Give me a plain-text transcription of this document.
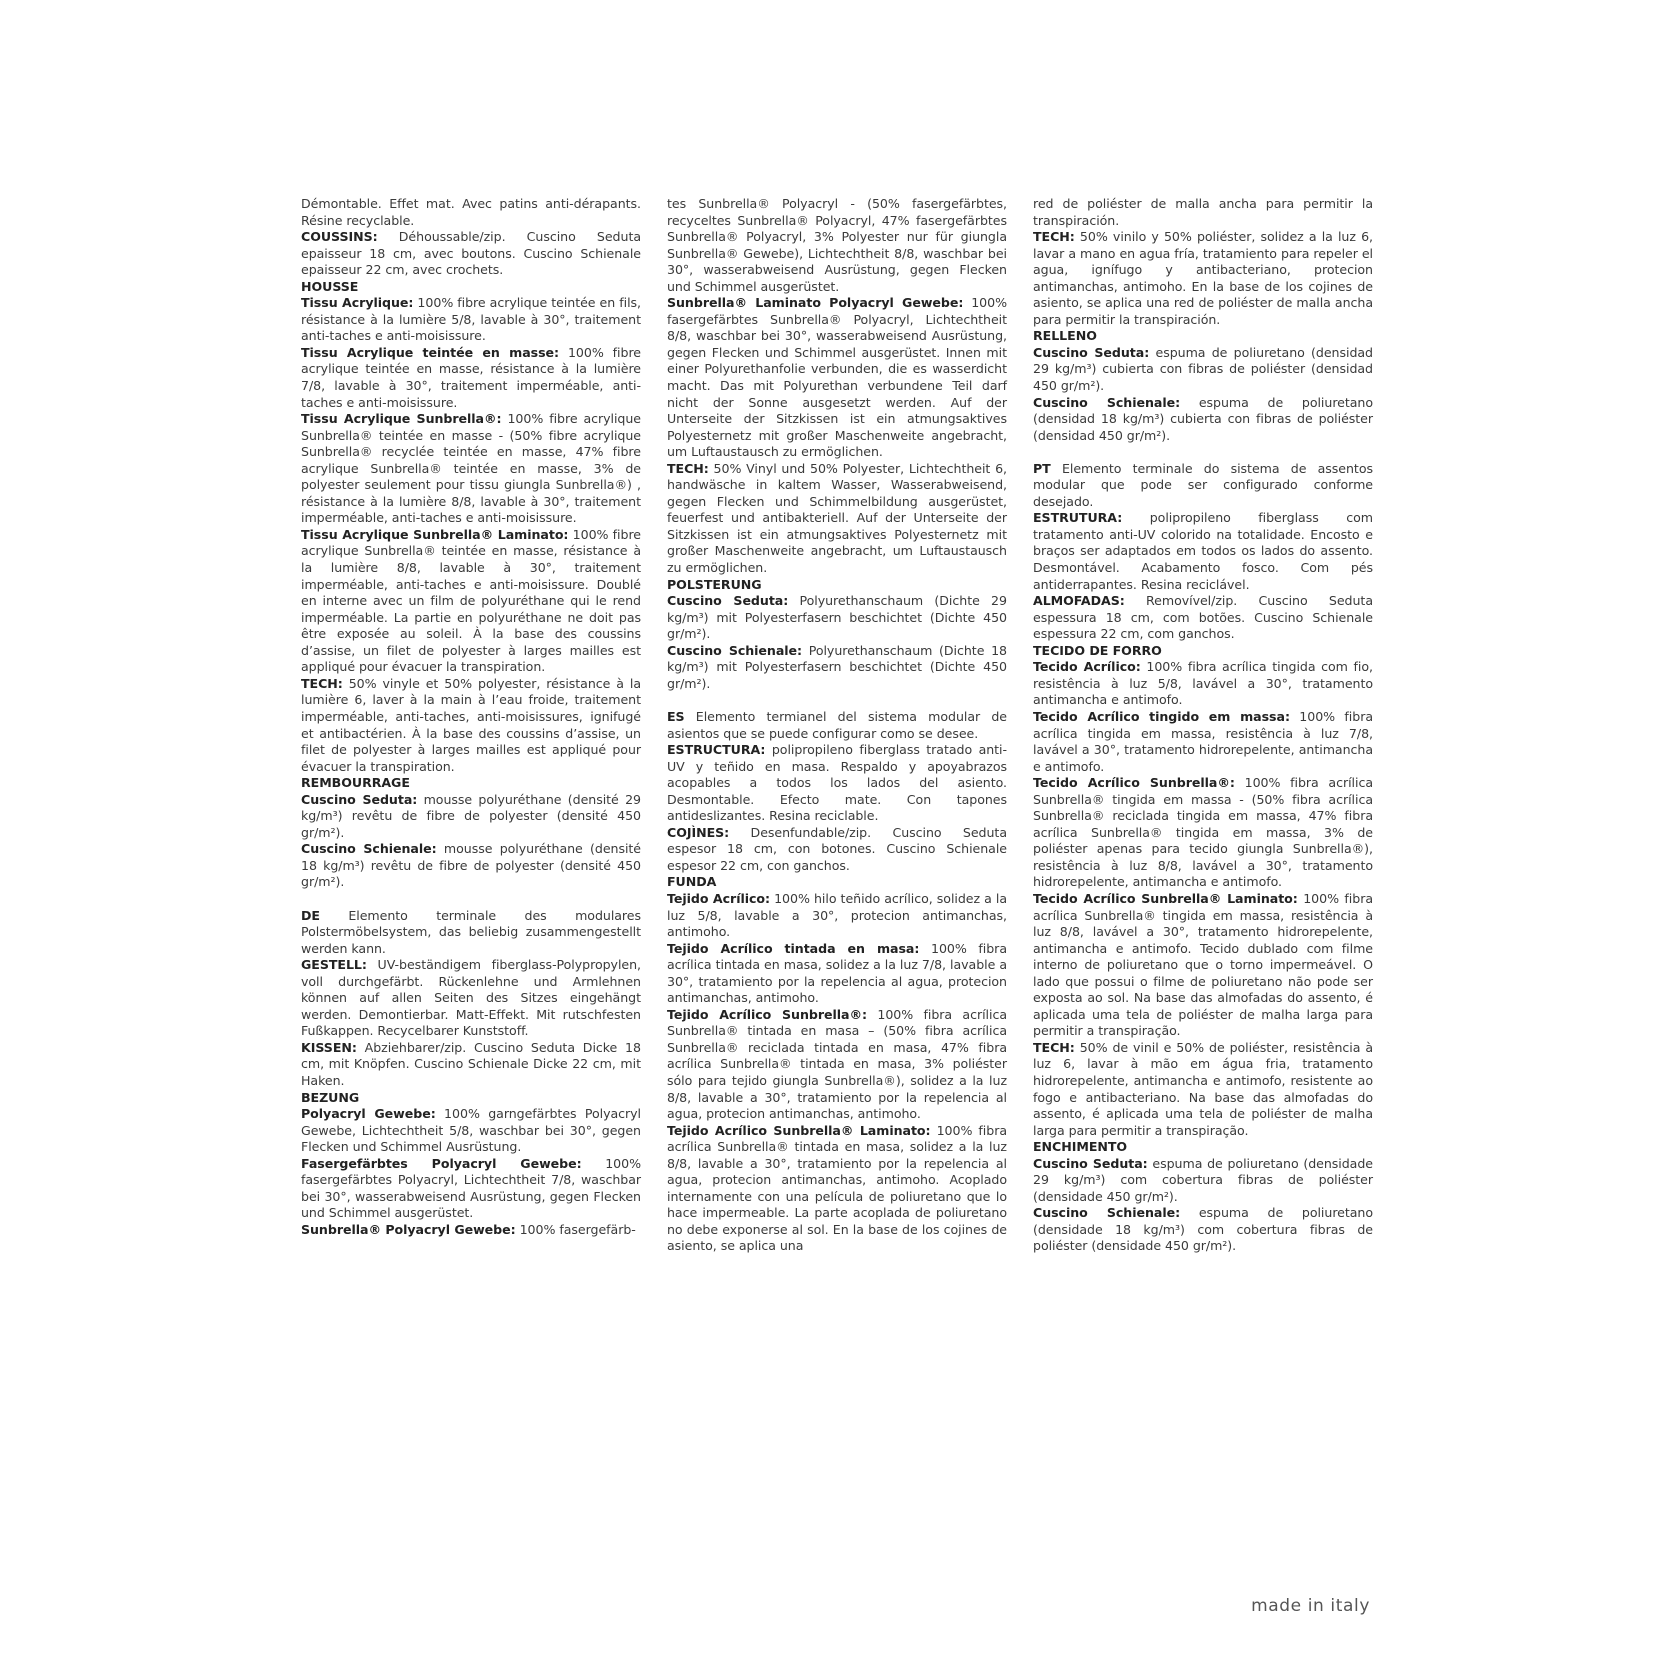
Démontable. Effet mat. Avec patins anti-dérapants. Résine recyclable.

COUSSINS: Déhoussable/zip. Cuscino Seduta epaisseur 18 cm, avec boutons. Cuscino Schienale epaisseur 22 cm, avec crochets.

HOUSSE

Tissu Acrylique: 100% fibre acrylique teintée en fils, résistance à la lumière 5/8, lavable à 30°, traitement anti-taches e anti-moisissure.

Tissu Acrylique teintée en masse: 100% fibre acrylique teintée en masse, résistance à la lumière 7/8, lavable à 30°, traitement imperméable, anti-taches e anti-moisissure.

Tissu Acrylique Sunbrella®: 100% fibre acrylique Sunbrella® teintée en masse - (50% fibre acrylique Sunbrella® recyclée teintée en masse, 47% fibre acrylique Sunbrella® teintée en masse, 3% de polyester seulement pour tissu giungla Sunbrella®) , résistance à la lumière 8/8, lavable à 30°, traitement imperméable, anti-taches e anti-moisissure.

Tissu Acrylique Sunbrella® Laminato: 100% fibre acrylique Sunbrella® teintée en masse, résistance à la lumière 8/8, lavable à 30°, traitement imperméable, anti-taches e anti-moisissure. Doublé en interne avec un film de polyuréthane qui le rend imperméable. La partie en polyuréthane ne doit pas être exposée au soleil. À la base des coussins d’assise, un filet de polyester à larges mailles est appliqué pour évacuer la transpiration.

TECH: 50% vinyle et 50% polyester, résistance à la lumière 6, laver à la main à l’eau froide, traitement imperméable, anti-taches, anti-moisissures, ignifugé et antibactérien. À la base des coussins d’assise, un filet de polyester à larges mailles est appliqué pour évacuer la transpiration.

REMBOURRAGE

Cuscino Seduta: mousse polyuréthane (densité 29 kg/m³) revêtu de fibre de polyester (densité 450 gr/m²).

Cuscino Schienale: mousse polyuréthane (densité 18 kg/m³) revêtu de fibre de polyester (densité 450 gr/m²).

DE Elemento terminale des modulares Polstermöbelsystem, das beliebig zusammengestellt werden kann.

GESTELL: UV-beständigem fiberglass-Polypropylen, voll durchgefärbt. Rückenlehne und Armlehnen können auf allen Seiten des Sitzes eingehängt werden. Demontierbar. Matt-Effekt. Mit rutschfesten Fußkappen. Recycelbarer Kunststoff.

KISSEN: Abziehbarer/zip. Cuscino Seduta Dicke 18 cm, mit Knöpfen. Cuscino Schienale Dicke 22 cm, mit Haken.

BEZUNG

Polyacryl Gewebe: 100% garngefärbtes Polyacryl Gewebe, Lichtechtheit 5/8, waschbar bei 30°, gegen Flecken und Schimmel Ausrüstung.

Fasergefärbtes Polyacryl Gewebe: 100% fasergefärbtes Polyacryl, Lichtechtheit 7/8, waschbar bei 30°, wasserabweisend Ausrüstung, gegen Flecken und Schimmel ausgerüstet.

Sunbrella® Polyacryl Gewebe: 100% fasergefärb-

tes Sunbrella® Polyacryl - (50% fasergefärbtes, recyceltes Sunbrella® Polyacryl, 47% fasergefärbtes Sunbrella® Polyacryl, 3% Polyester nur für giungla Sunbrella® Gewebe), Lichtechtheit 8/8, waschbar bei 30°, wasserabweisend Ausrüstung, gegen Flecken und Schimmel ausgerüstet.

Sunbrella® Laminato Polyacryl Gewebe: 100% fasergefärbtes Sunbrella® Polyacryl, Lichtechtheit 8/8, waschbar bei 30°, wasserabweisend Ausrüstung, gegen Flecken und Schimmel ausgerüstet. Innen mit einer Polyurethanfolie verbunden, die es wasserdicht macht. Das mit Polyurethan verbundene Teil darf nicht der Sonne ausgesetzt werden. Auf der Unterseite der Sitzkissen ist ein atmungsaktives Polyesternetz mit großer Maschenweite angebracht, um Luftaustausch zu ermöglichen.

TECH: 50% Vinyl und 50% Polyester, Lichtechtheit 6, handwäsche in kaltem Wasser, Wasserabweisend, gegen Flecken und Schimmelbildung ausgerüstet, feuerfest und antibakteriell. Auf der Unterseite der Sitzkissen ist ein atmungsaktives Polyesternetz mit großer Maschenweite angebracht, um Luftaustausch zu ermöglichen.

POLSTERUNG

Cuscino Seduta: Polyurethanschaum (Dichte 29 kg/m³) mit Polyesterfasern beschichtet (Dichte 450 gr/m²).

Cuscino Schienale: Polyurethanschaum (Dichte 18 kg/m³) mit Polyesterfasern beschichtet (Dichte 450 gr/m²).

ES Elemento termianel del sistema modular de asientos que se puede configurar como se desee.

ESTRUCTURA: polipropileno fiberglass tratado anti-UV y teñido en masa. Respaldo y apoyabrazos acopables a todos los lados del asiento. Desmontable. Efecto mate. Con tapones antideslizantes. Resina reciclable.

COJÌNES: Desenfundable/zip. Cuscino Seduta espesor 18 cm, con botones. Cuscino Schienale espesor 22 cm, con ganchos.

FUNDA

Tejido Acrílico: 100% hilo teñido acrílico, solidez a la luz 5/8, lavable a 30°, protecion antimanchas, antimoho.

Tejido Acrílico tintada en masa: 100% fibra acrílica tintada en masa, solidez a la luz 7/8, lavable a 30°, tratamiento por la repelencia al agua, protecion antimanchas, antimoho.

Tejido Acrílico Sunbrella®: 100% fibra acrílica Sunbrella® tintada en masa – (50% fibra acrílica Sunbrella® reciclada tintada en masa, 47% fibra acrílica Sunbrella® tintada en masa, 3% poliéster sólo para tejido giungla Sunbrella®), solidez a la luz 8/8, lavable a 30°, tratamiento por la repelencia al agua, protecion antimanchas, antimoho.

Tejido Acrílico Sunbrella® Laminato: 100% fibra acrílica Sunbrella® tintada en masa, solidez a la luz 8/8, lavable a 30°, tratamiento por la repelencia al agua, protecion antimanchas, antimoho. Acoplado internamente con una película de poliuretano que lo hace impermeable. La parte acoplada de poliuretano no debe exponerse al sol. En la base de los cojines de asiento, se aplica una

red de poliéster de malla ancha para permitir la transpiración.

TECH: 50% vinilo y 50% poliéster, solidez a la luz 6, lavar a mano en agua fría, tratamiento para repeler el agua, ignífugo y antibacteriano, protecion antimanchas, antimoho. En la base de los cojines de asiento, se aplica una red de poliéster de malla ancha para permitir la transpiración.

RELLENO

Cuscino Seduta: espuma de poliuretano (densidad 29 kg/m³) cubierta con fibras de poliéster (densidad 450 gr/m²).

Cuscino Schienale: espuma de poliuretano (densidad 18 kg/m³) cubierta con fibras de poliéster (densidad 450 gr/m²).

PT Elemento terminale do sistema de assentos modular que pode ser configurado conforme desejado.

ESTRUTURA: polipropileno fiberglass com tratamento anti-UV colorido na totalidade. Encosto e braços ser adaptados em todos os lados do assento. Desmontável. Acabamento fosco. Com pés antiderrapantes. Resina reciclável.

ALMOFADAS: Removível/zip. Cuscino Seduta espessura 18 cm, com botões. Cuscino Schienale espessura 22 cm, com ganchos.

TECIDO DE FORRO

Tecido Acrílico: 100% fibra acrílica tingida com fio, resistência à luz 5/8, lavável a 30°, tratamento antimancha e antimofo.

Tecido Acrílico tingido em massa: 100% fibra acrílica tingida em massa, resistência à luz 7/8, lavável a 30°, tratamento hidrorepelente, antimancha e antimofo.

Tecido Acrílico Sunbrella®: 100% fibra acrílica Sunbrella® tingida em massa - (50% fibra acrílica Sunbrella® reciclada tingida em massa, 47% fibra acrílica Sunbrella® tingida em massa, 3% de poliéster apenas para tecido giungla Sunbrella®), resistência à luz 8/8, lavável a 30°, tratamento hidrorepelente, antimancha e antimofo.

Tecido Acrílico Sunbrella® Laminato: 100% fibra acrílica Sunbrella® tingida em massa, resistência à luz 8/8, lavável a 30°, tratamento hidrorepelente, antimancha e antimofo. Tecido dublado com filme interno de poliuretano que o torno impermeável. O lado que possui o filme de poliuretano não pode ser exposta ao sol. Na base das almofadas do assento, é aplicada uma tela de poliéster de malha larga para permitir a transpiração.

TECH: 50% de vinil e 50% de poliéster, resistência à luz 6, lavar à mão em água fria, tratamento hidrorepelente, antimancha e antimofo, resistente ao fogo e antibacteriano. Na base das almofadas do assento, é aplicada uma tela de poliéster de malha larga para permitir a transpiração.

ENCHIMENTO

Cuscino Seduta: espuma de poliuretano (densidade 29 kg/m³) com cobertura fibras de poliéster (densidade 450 gr/m²).

Cuscino Schienale: espuma de poliuretano (densidade 18 kg/m³) com cobertura fibras de poliéster (densidade 450 gr/m²).

made in italy
